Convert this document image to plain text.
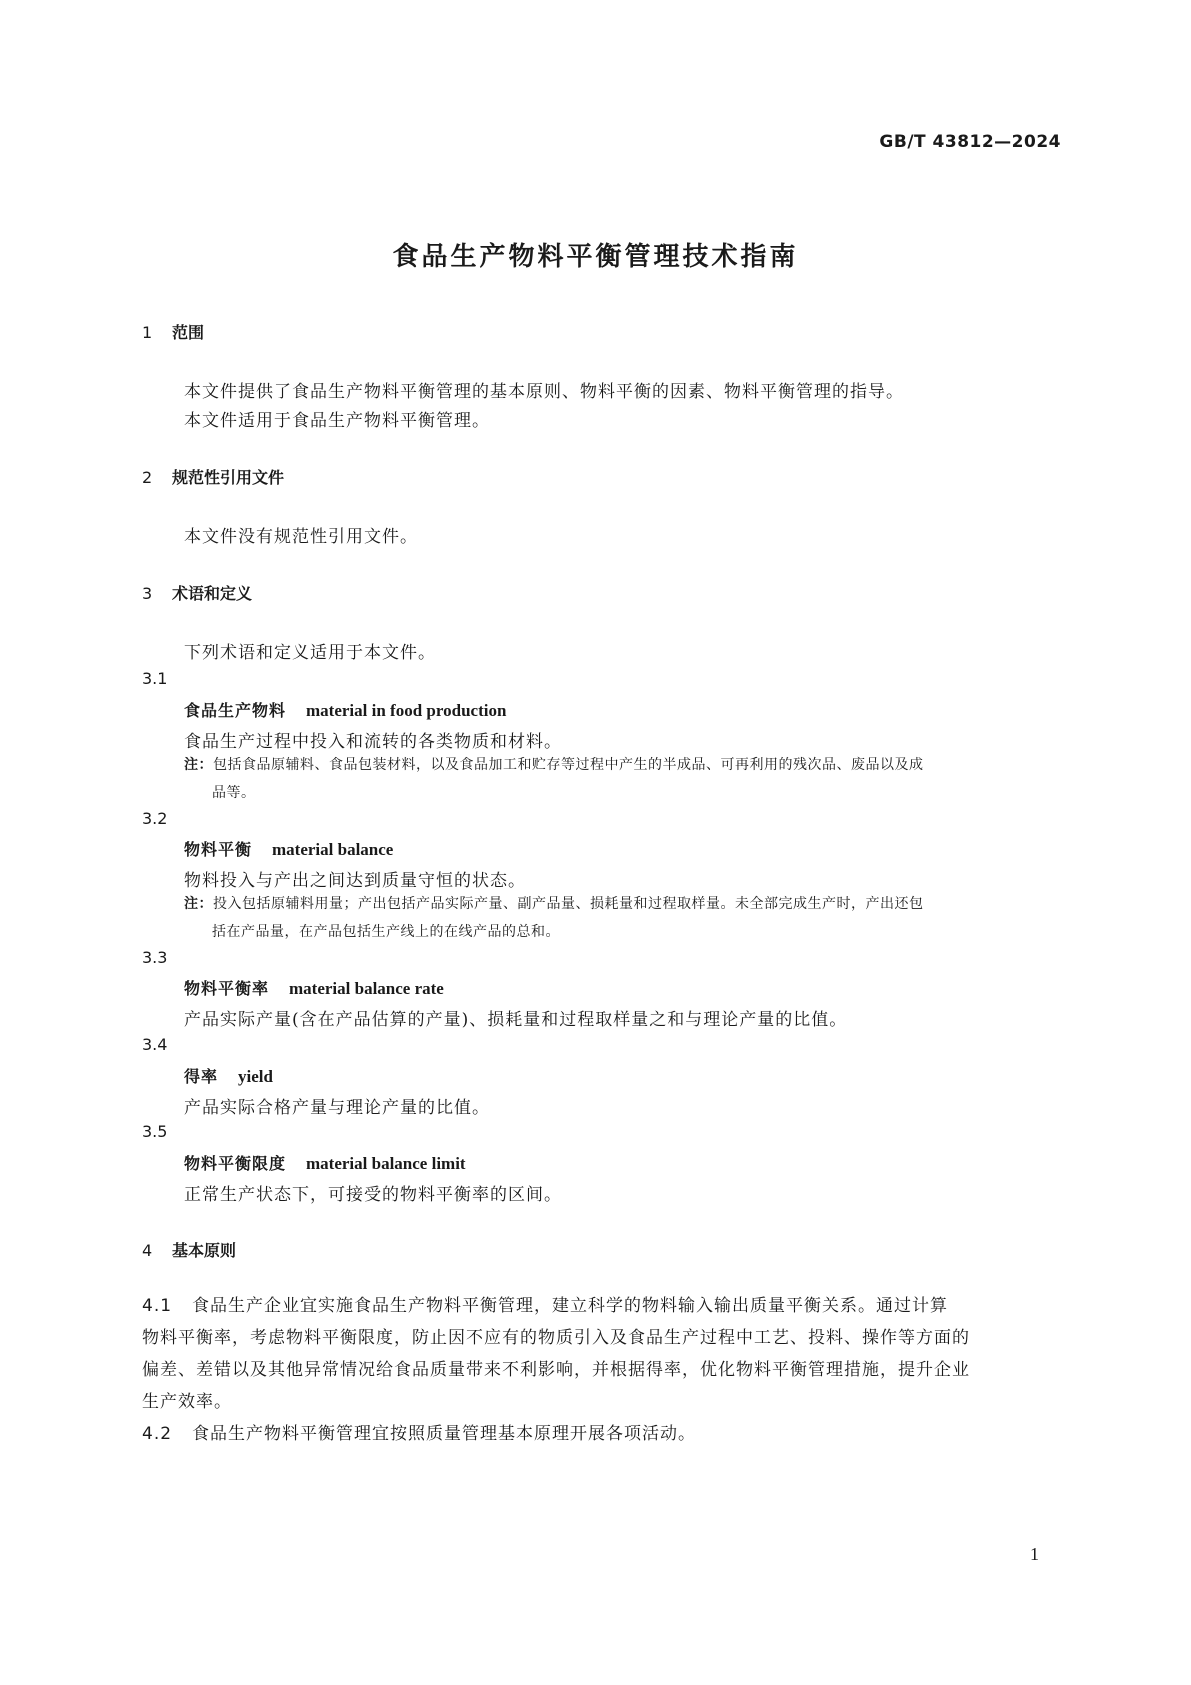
GB/T 43812—2024
食品生产物料平衡管理技术指南
1 范围

本文件提供了食品生产物料平衡管理的基本原则、物料平衡的因素、物料平衡管理的指导。

本文件适用于食品生产物料平衡管理。

2 规范性引用文件

本文件没有规范性引用文件。

3 术语和定义

下列术语和定义适用于本文件。

3.1

食品生产物料 material in food production

食品生产过程中投入和流转的各类物质和材料。

注：包括食品原辅料、食品包装材料，以及食品加工和贮存等过程中产生的半成品、可再利用的残次品、废品以及成
品等。

3.2

物料平衡 material balance

物料投入与产出之间达到质量守恒的状态。

注：投入包括原辅料用量；产出包括产品实际产量、副产品量、损耗量和过程取样量。未全部完成生产时，产出还包
括在产品量，在产品包括生产线上的在线产品的总和。

3.3

物料平衡率 material balance rate

产品实际产量(含在产品估算的产量)、损耗量和过程取样量之和与理论产量的比值。

3.4

得率 yield

产品实际合格产量与理论产量的比值。

3.5

物料平衡限度 material balance limit

正常生产状态下，可接受的物料平衡率的区间。

4 基本原则
4.1 食品生产企业宜实施食品生产物料平衡管理，建立科学的物料输入输出质量平衡关系。通过计算
物料平衡率，考虑物料平衡限度，防止因不应有的物质引入及食品生产过程中工艺、投料、操作等方面的
偏差、差错以及其他异常情况给食品质量带来不利影响，并根据得率，优化物料平衡管理措施，提升企业
生产效率。
4.2 食品生产物料平衡管理宜按照质量管理基本原理开展各项活动。
1
